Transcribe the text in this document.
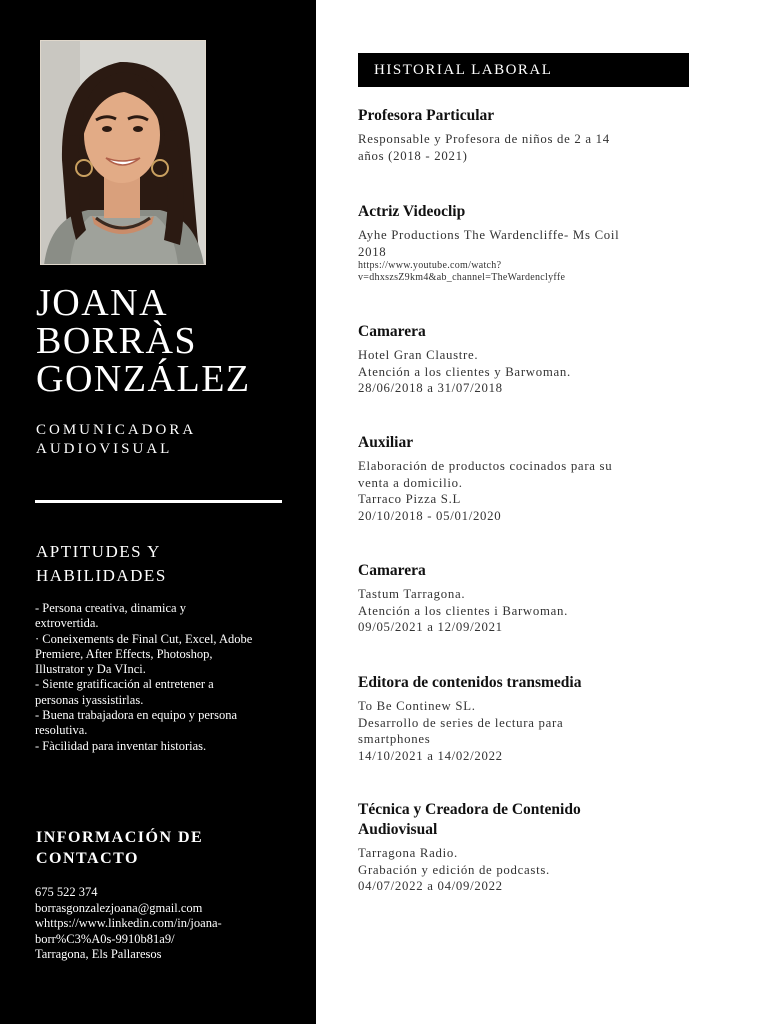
JOANA
BORRÀS
GONZÁLEZ
COMUNICADORA
AUDIOVISUAL
APTITUDES Y
HABILIDADES
- Persona creativa, dinamica y
extrovertida.
· Coneixements de Final Cut, Excel, Adobe
Premiere, After Effects, Photoshop,
Illustrator y Da VInci.
- Siente gratificación al entretener a
personas iyassistirlas.
- Buena trabajadora en equipo y persona
resolutiva.
- Fàcilidad para inventar historias.
INFORMACIÓN DE
CONTACTO
675 522 374
borrasgonzalezjoana@gmail.com
whttps://www.linkedin.com/in/joana-
borr%C3%A0s-9910b81a9/
Tarragona, Els Pallaresos
HISTORIAL LABORAL
Profesora Particular
Responsable y Profesora de niños de 2 a 14
años (2018 - 2021)
Actriz Videoclip
Ayhe Productions The Wardencliffe- Ms Coil
2018
https://www.youtube.com/watch?
v=dhxszsZ9km4&ab_channel=TheWardenclyffe
Camarera
Hotel Gran Claustre.
Atención a los clientes y Barwoman.
28/06/2018 a 31/07/2018
Auxiliar
Elaboración de productos cocinados para su
venta a domicilio.
Tarraco Pizza S.L
20/10/2018 - 05/01/2020
Camarera
Tastum Tarragona.
Atención a los clientes i Barwoman.
09/05/2021 a 12/09/2021
Editora de contenidos transmedia
To Be Continew SL.
Desarrollo de series de lectura para
smartphones
14/10/2021 a 14/02/2022
Técnica y Creadora de Contenido
Audiovisual
Tarragona Radio.
Grabación y edición de podcasts.
04/07/2022 a 04/09/2022
